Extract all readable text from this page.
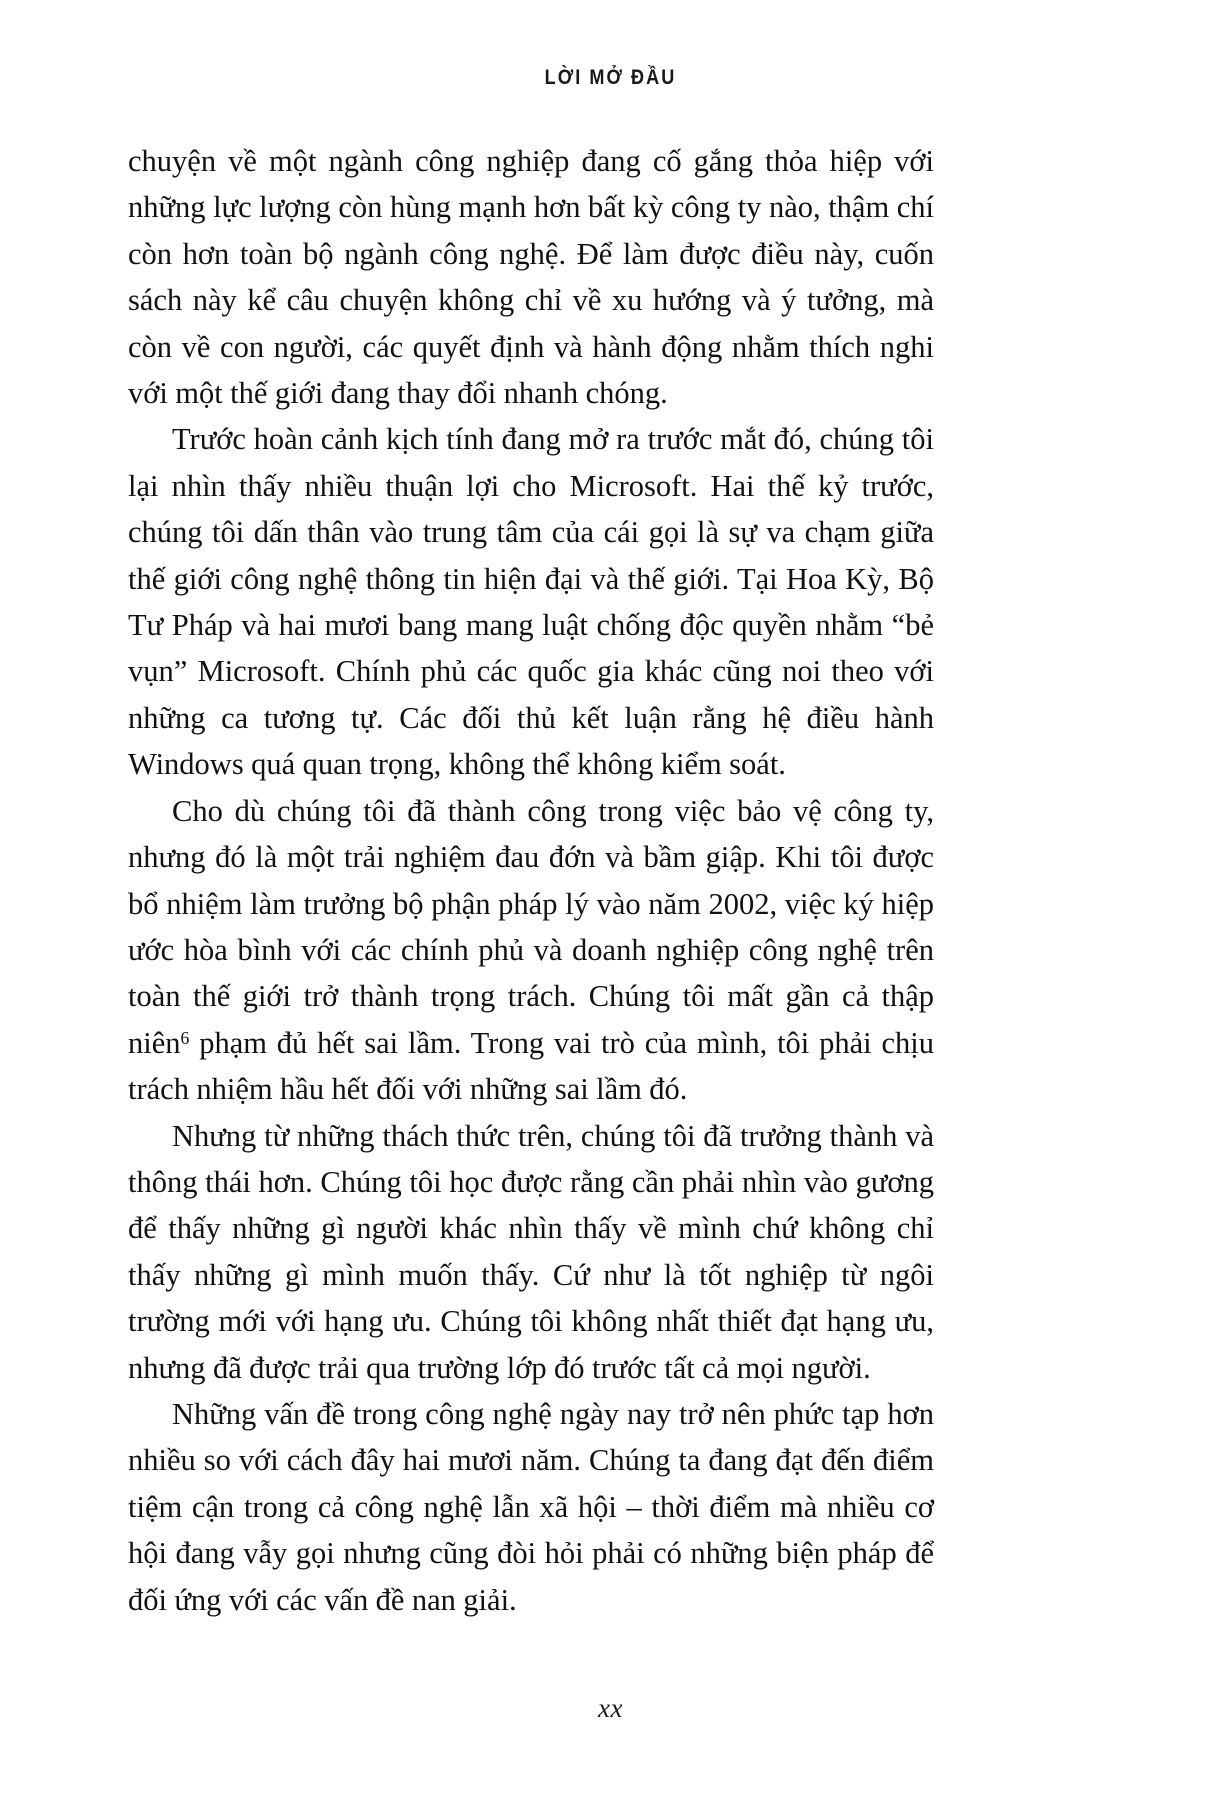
LỜI MỞ ĐẦU

chuyện về một ngành công nghiệp đang cố gắng thỏa hiệp với những lực lượng còn hùng mạnh hơn bất kỳ công ty nào, thậm chí còn hơn toàn bộ ngành công nghệ. Để làm được điều này, cuốn sách này kể câu chuyện không chỉ về xu hướng và ý tưởng, mà còn về con người, các quyết định và hành động nhằm thích nghi với một thế giới đang thay đổi nhanh chóng.

Trước hoàn cảnh kịch tính đang mở ra trước mắt đó, chúng tôi lại nhìn thấy nhiều thuận lợi cho Microsoft. Hai thế kỷ trước, chúng tôi dấn thân vào trung tâm của cái gọi là sự va chạm giữa thế giới công nghệ thông tin hiện đại và thế giới. Tại Hoa Kỳ, Bộ Tư Pháp và hai mươi bang mang luật chống độc quyền nhằm “bẻ vụn” Microsoft. Chính phủ các quốc gia khác cũng noi theo với những ca tương tự. Các đối thủ kết luận rằng hệ điều hành Windows quá quan trọng, không thể không kiểm soát.

Cho dù chúng tôi đã thành công trong việc bảo vệ công ty, nhưng đó là một trải nghiệm đau đớn và bầm giập. Khi tôi được bổ nhiệm làm trưởng bộ phận pháp lý vào năm 2002, việc ký hiệp ước hòa bình với các chính phủ và doanh nghiệp công nghệ trên toàn thế giới trở thành trọng trách. Chúng tôi mất gần cả thập niên$^6$ phạm đủ hết sai lầm. Trong vai trò của mình, tôi phải chịu trách nhiệm hầu hết đối với những sai lầm đó.

Nhưng từ những thách thức trên, chúng tôi đã trưởng thành và thông thái hơn. Chúng tôi học được rằng cần phải nhìn vào gương để thấy những gì người khác nhìn thấy về mình chứ không chỉ thấy những gì mình muốn thấy. Cứ như là tốt nghiệp từ ngôi trường mới với hạng ưu. Chúng tôi không nhất thiết đạt hạng ưu, nhưng đã được trải qua trường lớp đó trước tất cả mọi người.

Những vấn đề trong công nghệ ngày nay trở nên phức tạp hơn nhiều so với cách đây hai mươi năm. Chúng ta đang đạt đến điểm tiệm cận trong cả công nghệ lẫn xã hội – thời điểm mà nhiều cơ hội đang vẫy gọi nhưng cũng đòi hỏi phải có những biện pháp để đối ứng với các vấn đề nan giải.

xx
